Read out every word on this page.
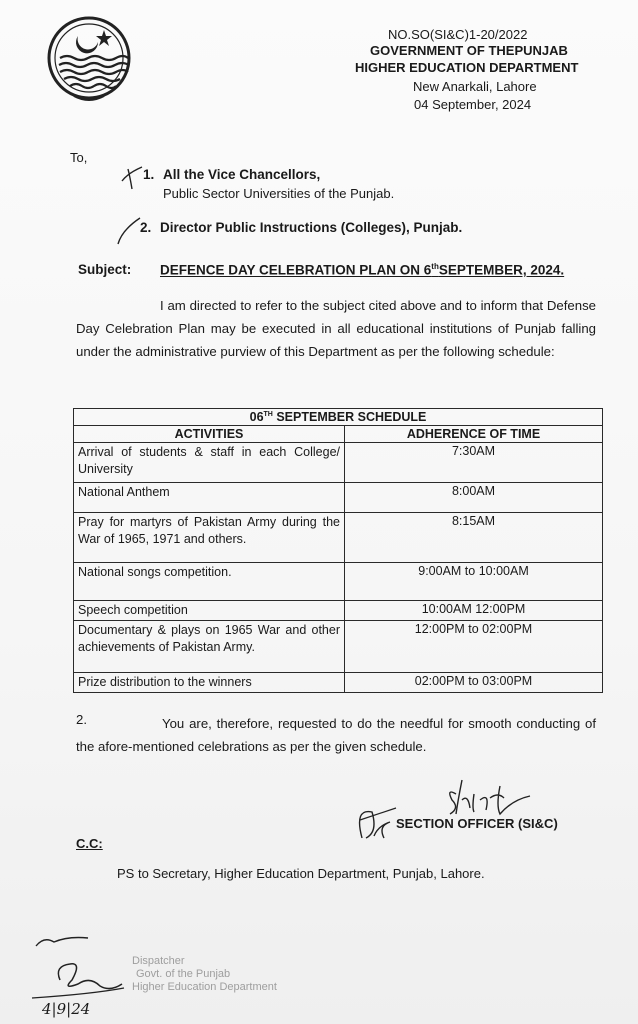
NO.SO(SI&C)1-20/2022
GOVERNMENT OF THEPUNJAB
HIGHER EDUCATION DEPARTMENT
New Anarkali, Lahore
04 September, 2024
To,
1. All the Vice Chancellors,
Public Sector Universities of the Punjab.
2. Director Public Instructions (Colleges), Punjab.
Subject: DEFENCE DAY CELEBRATION PLAN ON 6thSEPTEMBER, 2024.
I am directed to refer to the subject cited above and to inform that Defense Day Celebration Plan may be executed in all educational institutions of Punjab falling under the administrative purview of this Department as per the following schedule:
06TH SEPTEMBER SCHEDULE	
ACTIVITIES	ADHERENCE OF TIME
Arrival of students & staff in each College/ University	7:30AM
National Anthem	8:00AM
Pray for martyrs of Pakistan Army during the War of 1965, 1971 and others.	8:15AM
National songs competition.	9:00AM to 10:00AM
Speech competition	10:00AM 12:00PM
Documentary & plays on 1965 War and other achievements of Pakistan Army.	12:00PM to 02:00PM
Prize distribution to the winners	02:00PM to 03:00PM
2.	You are, therefore, requested to do the needful for smooth conducting of the afore-mentioned celebrations as per the given schedule.
SECTION OFFICER (SI&C)
C.C:
PS to Secretary, Higher Education Department, Punjab, Lahore.
Dispatcher
Govt. of the Punjab
Higher Education Department
4|9|24
